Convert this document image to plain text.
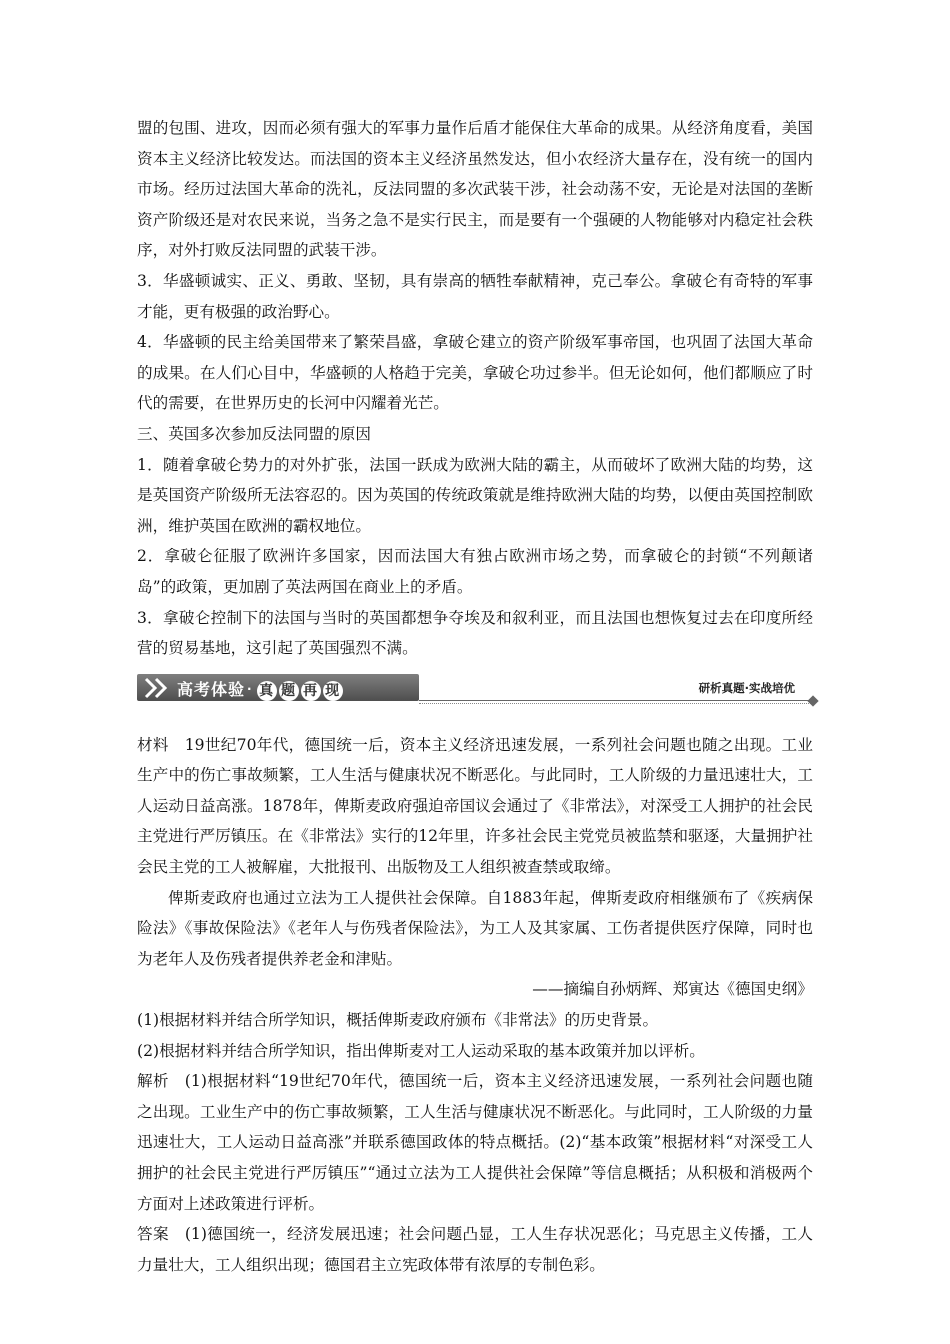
盟的包围、进攻，因而必须有强大的军事力量作后盾才能保住大革命的成果。从经济角度看，美国资本主义经济比较发达。而法国的资本主义经济虽然发达，但小农经济大量存在，没有统一的国内市场。经历过法国大革命的洗礼，反法同盟的多次武装干涉，社会动荡不安，无论是对法国的垄断资产阶级还是对农民来说，当务之急不是实行民主，而是要有一个强硬的人物能够对内稳定社会秩序，对外打败反法同盟的武装干涉。

3．华盛顿诚实、正义、勇敢、坚韧，具有崇高的牺牲奉献精神，克己奉公。拿破仑有奇特的军事才能，更有极强的政治野心。

4．华盛顿的民主给美国带来了繁荣昌盛，拿破仑建立的资产阶级军事帝国，也巩固了法国大革命的成果。在人们心目中，华盛顿的人格趋于完美，拿破仑功过参半。但无论如何，他们都顺应了时代的需要，在世界历史的长河中闪耀着光芒。

三、英国多次参加反法同盟的原因

1．随着拿破仑势力的对外扩张，法国一跃成为欧洲大陆的霸主，从而破坏了欧洲大陆的均势，这是英国资产阶级所无法容忍的。因为英国的传统政策就是维持欧洲大陆的均势，以便由英国控制欧洲，维护英国在欧洲的霸权地位。

2．拿破仑征服了欧洲许多国家，因而法国大有独占欧洲市场之势，而拿破仑的封锁“不列颠诸岛”的政策，更加剧了英法两国在商业上的矛盾。

3．拿破仑控制下的法国与当时的英国都想争夺埃及和叙利亚，而且法国也想恢复过去在印度所经营的贸易基地，这引起了英国强烈不满。

高考体验 · 真 题 再 现	研析真题·实战培优

材料　19世纪70年代，德国统一后，资本主义经济迅速发展，一系列社会问题也随之出现。工业生产中的伤亡事故频繁，工人生活与健康状况不断恶化。与此同时，工人阶级的力量迅速壮大，工人运动日益高涨。1878年，俾斯麦政府强迫帝国议会通过了《非常法》，对深受工人拥护的社会民主党进行严厉镇压。在《非常法》实行的12年里，许多社会民主党党员被监禁和驱逐，大量拥护社会民主党的工人被解雇，大批报刊、出版物及工人组织被查禁或取缔。

俾斯麦政府也通过立法为工人提供社会保障。自1883年起，俾斯麦政府相继颁布了《疾病保险法》《事故保险法》《老年人与伤残者保险法》，为工人及其家属、工伤者提供医疗保障，同时也为老年人及伤残者提供养老金和津贴。

——摘编自孙炳辉、郑寅达《德国史纲》

(1)根据材料并结合所学知识，概括俾斯麦政府颁布《非常法》的历史背景。

(2)根据材料并结合所学知识，指出俾斯麦对工人运动采取的基本政策并加以评析。

解析　(1)根据材料“19世纪70年代，德国统一后，资本主义经济迅速发展，一系列社会问题也随之出现。工业生产中的伤亡事故频繁，工人生活与健康状况不断恶化。与此同时，工人阶级的力量迅速壮大，工人运动日益高涨”并联系德国政体的特点概括。(2)“基本政策”根据材料“对深受工人拥护的社会民主党进行严厉镇压”“通过立法为工人提供社会保障”等信息概括；从积极和消极两个方面对上述政策进行评析。

答案　(1)德国统一，经济发展迅速；社会问题凸显，工人生存状况恶化；马克思主义传播，工人力量壮大，工人组织出现；德国君主立宪政体带有浓厚的专制色彩。
